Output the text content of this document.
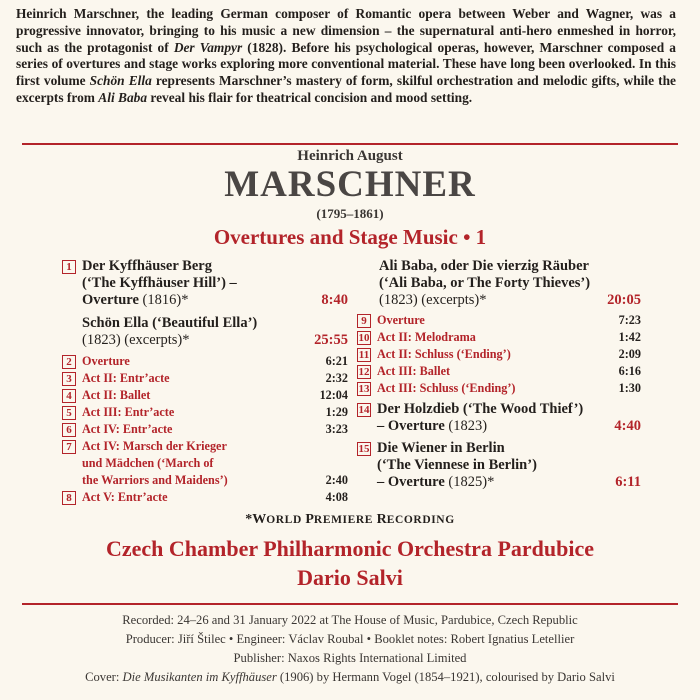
Heinrich Marschner, the leading German composer of Romantic opera between Weber and Wagner, was a progressive innovator, bringing to his music a new dimension – the supernatural anti-hero enmeshed in horror, such as the protagonist of Der Vampyr (1828). Before his psychological operas, however, Marschner composed a series of overtures and stage works exploring more conventional material. These have long been overlooked. In this first volume Schön Ella represents Marschner’s mastery of form, skilful orchestration and melodic gifts, while the excerpts from Ali Baba reveal his flair for theatrical concision and mood setting.
Heinrich August
MARSCHNER
(1795–1861)
Overtures and Stage Music • 1
1 Der Kyffhäuser Berg
(‘The Kyffhäuser Hill’) –
Overture (1816)*	8:40
Schön Ella (‘Beautiful Ella’)
(1823) (excerpts)*	25:55
2 Overture	6:21
3 Act II: Entr’acte	2:32
4 Act II: Ballet	12:04
5 Act III: Entr’acte	1:29
6 Act IV: Entr’acte	3:23
7 Act IV: Marsch der Krieger
und Mädchen (‘March of
the Warriors and Maidens’)	2:40
8 Act V: Entr’acte	4:08
Ali Baba, oder Die vierzig Räuber
(‘Ali Baba, or The Forty Thieves’)
(1823) (excerpts)*	20:05
9 Overture	7:23
10 Act II: Melodrama	1:42
11 Act II: Schluss (‘Ending’)	2:09
12 Act III: Ballet	6:16
13 Act III: Schluss (‘Ending’)	1:30
14 Der Holzdieb (‘The Wood Thief’)
– Overture (1823)	4:40
15 Die Wiener in Berlin
(‘The Viennese in Berlin’)
– Overture (1825)*	6:11
*WORLD PREMIERE RECORDING
Czech Chamber Philharmonic Orchestra Pardubice
Dario Salvi
Recorded: 24–26 and 31 January 2022 at The House of Music, Pardubice, Czech Republic
Producer: Jiří Štilec • Engineer: Václav Roubal • Booklet notes: Robert Ignatius Letellier
Publisher: Naxos Rights International Limited
Cover: Die Musikanten im Kyffhäuser (1906) by Hermann Vogel (1854–1921), colourised by Dario Salvi
